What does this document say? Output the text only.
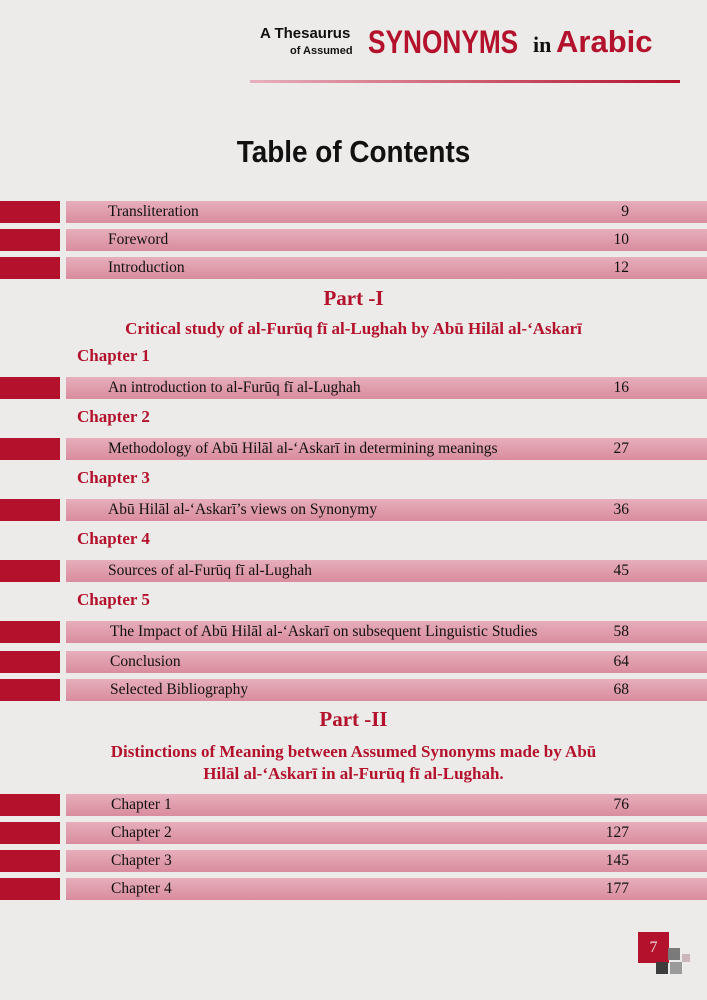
A Thesaurus
of Assumed SYNONYMS in Arabic
Table of Contents
Transliteration	9
Foreword	10
Introduction	12
Part -I
Critical study of al-Furūq fī al-Lughah by Abū Hilāl al-‘Askarī
Chapter 1
An introduction to al-Furūq fī al-Lughah	16
Chapter 2
Methodology of Abū Hilāl al-‘Askarī in determining meanings	27
Chapter 3
Abū Hilāl al-‘Askarī’s views on Synonymy	36
Chapter 4
Sources of al-Furūq fī al-Lughah	45
Chapter 5
The Impact of Abū Hilāl al-‘Askarī on subsequent Linguistic Studies	58
Conclusion	64
Selected Bibliography	68
Part -II
Distinctions of Meaning between Assumed Synonyms made by Abū
Hilāl al-‘Askarī in al-Furūq fī al-Lughah.
Chapter 1	76
Chapter 2	127
Chapter 3	145
Chapter 4	177
7
